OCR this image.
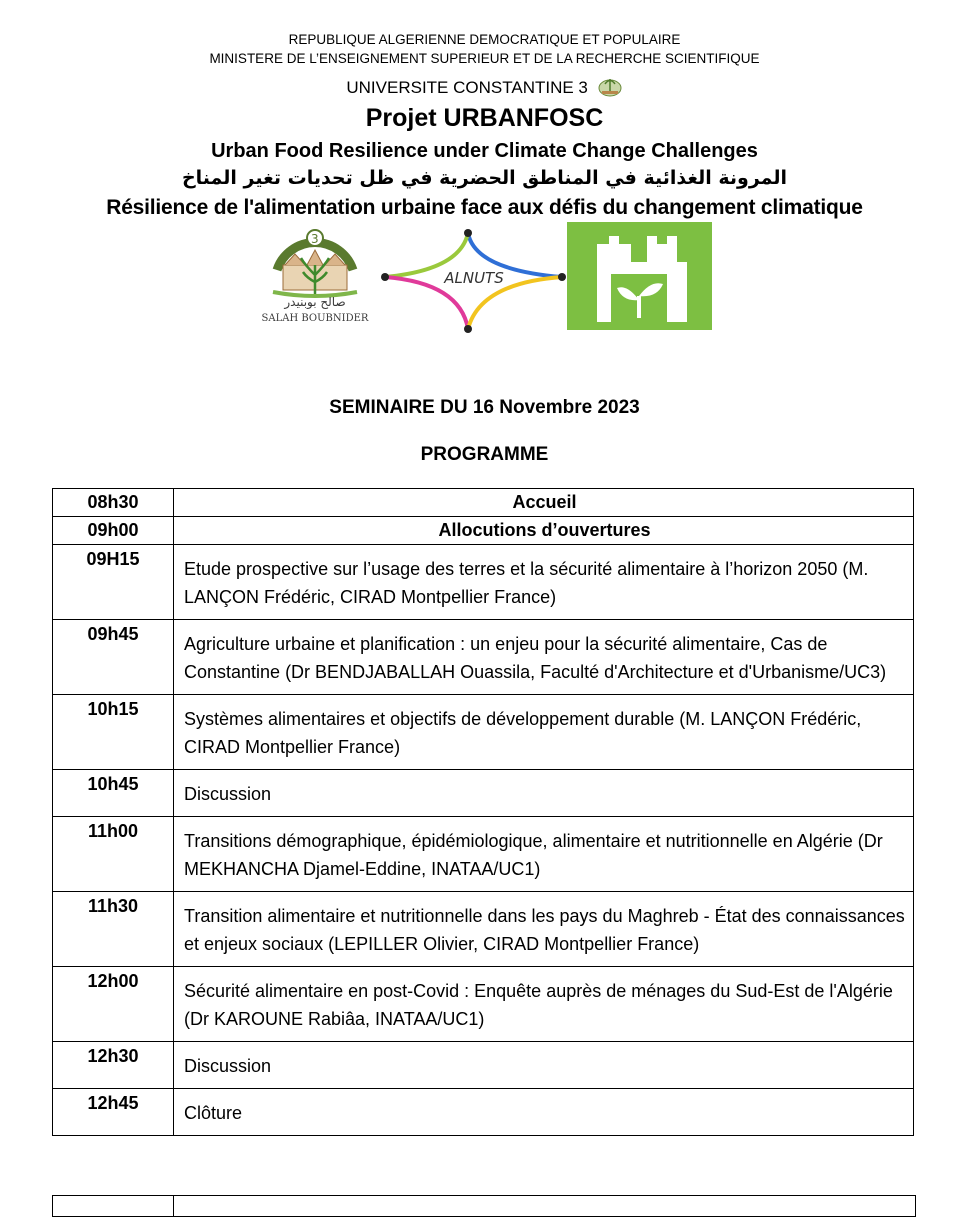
REPUBLIQUE ALGERIENNE DEMOCRATIQUE ET POPULAIRE
MINISTERE DE L’ENSEIGNEMENT SUPERIEUR ET DE LA RECHERCHE SCIENTIFIQUE
UNIVERSITE CONSTANTINE 3
Projet URBANFOSC
Urban Food Resilience under Climate Change Challenges
المرونة الغذائية في المناطق الحضرية في ظل تحديات تغير المناخ
Résilience de l'alimentation urbaine face aux défis du changement climatique
3
صالح بوبنيدر
SALAH BOUBNIDER
ALNUTS
SEMINAIRE DU 16 Novembre 2023
PROGRAMME
08h30	Accueil
09h00	Allocutions d’ouvertures
09H15	Etude prospective sur l’usage des terres et la sécurité alimentaire à l’horizon 2050 (M. LANÇON Frédéric, CIRAD Montpellier France)
09h45	Agriculture urbaine et planification : un enjeu pour la sécurité alimentaire, Cas de Constantine (Dr BENDJABALLAH Ouassila, Faculté d'Architecture et d'Urbanisme/UC3)
10h15	Systèmes alimentaires et objectifs de développement durable (M. LANÇON Frédéric, CIRAD Montpellier France)
10h45	Discussion
11h00	Transitions démographique, épidémiologique, alimentaire et nutritionnelle en Algérie (Dr MEKHANCHA Djamel-Eddine, INATAA/UC1)
11h30	Transition alimentaire et nutritionnelle dans les pays du Maghreb - État des connaissances et enjeux sociaux (LEPILLER Olivier, CIRAD Montpellier France)
12h00	Sécurité alimentaire en post-Covid : Enquête auprès de ménages du Sud-Est de l'Algérie (Dr KAROUNE Rabiâa, INATAA/UC1)
12h30	Discussion
12h45	Clôture
